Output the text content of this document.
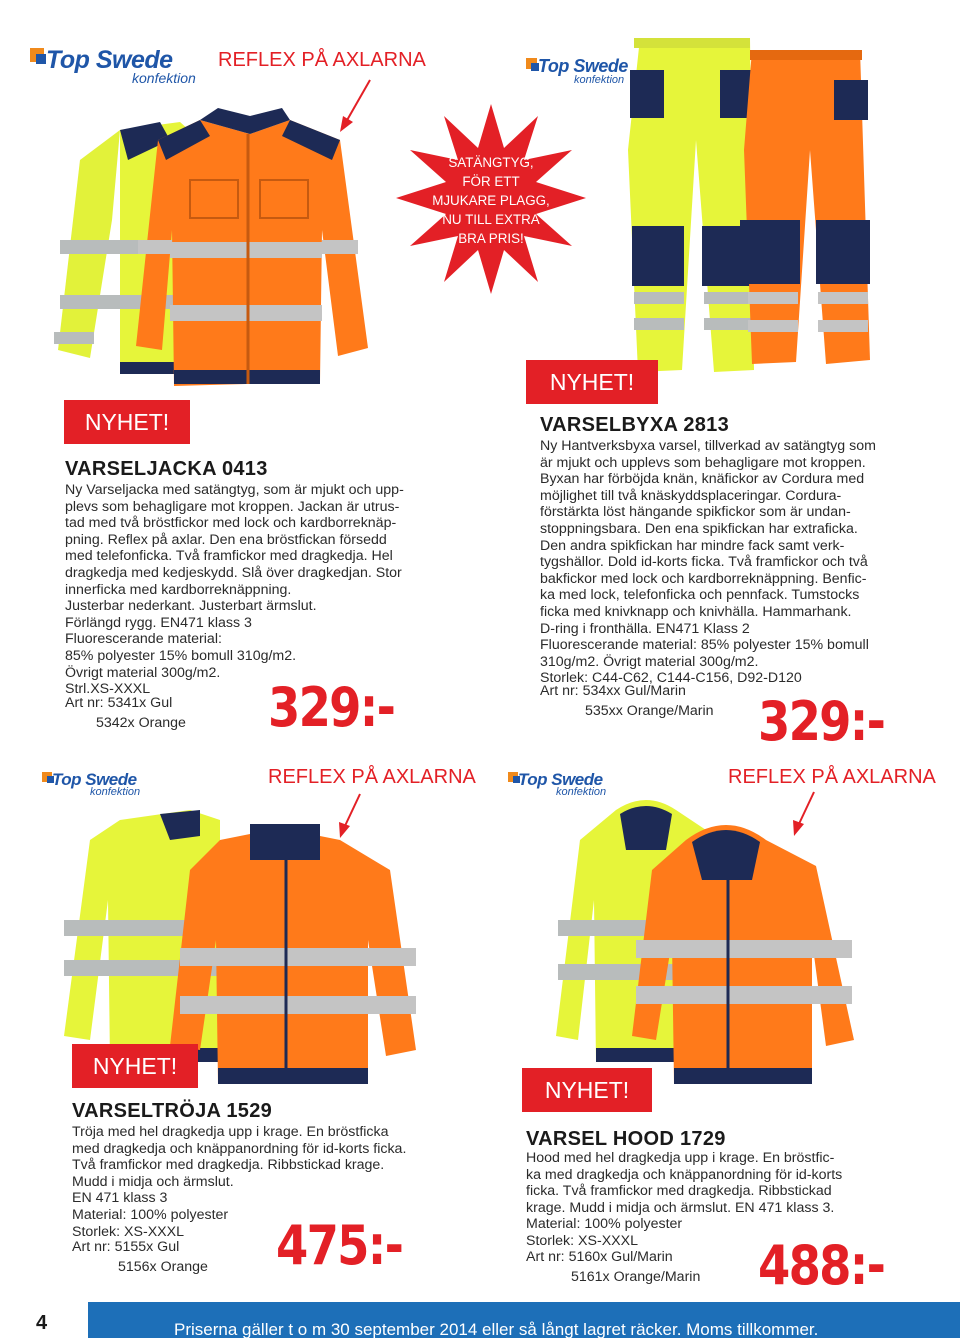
Top Swede
konfektion
REFLEX PÅ AXLARNA
SATÄNGTYG,
FÖR ETT
MJUKARE PLAGG,
NU TILL EXTRA
BRA PRIS!
NYHET!
VARSELJACKA 0413
Ny Varseljacka med satängtyg, som är mjukt och upp-
plevs som behagligare mot kroppen. Jackan är utrus-
tad med två bröstfickor med lock och kardborreknäp-
pning. Reflex på axlar. Den ena bröstfickan försedd
med telefonficka. Två framfickor med dragkedja. Hel
dragkedja med kedjeskydd. Slå över dragkedjan. Stor
innerficka med kardborreknäppning.
Justerbar nederkant. Justerbart ärmslut.
Förlängd rygg. EN471 klass 3
Fluorescerande material:
85% polyester 15% bomull 310g/m2.
Övrigt material 300g/m2.
Strl.XS-XXXL
Art nr: 5341x Gul
5342x Orange 329:-
Top Swede
konfektion
NYHET!
VARSELBYXA 2813
Ny Hantverksbyxa varsel, tillverkad av satängtyg som
är mjukt och upplevs som behagligare mot kroppen.
Byxan har förböjda knän, knäfickor av Cordura med
möjlighet till två knäskyddsplaceringar. Cordura-
förstärkta löst hängande spikfickor som är undan-
stoppningsbara. Den ena spikfickan har extraficka.
Den andra spikfickan har mindre fack samt verk-
tygshällor. Dold id-korts ficka. Två framfickor och två
bakfickor med lock och kardborreknäppning. Benfic-
ka med lock, telefonficka och pennfack. Tumstocks
ficka med knivknapp och knivhälla. Hammarhank.
D-ring i fronthälla. EN471 Klass 2
Fluorescerande material: 85% polyester 15% bomull
310g/m2. Övrigt material 300g/m2.
Storlek: C44-C62, C144-C156, D92-D120
Art nr: 534xx Gul/Marin
535xx Orange/Marin 329:-
Top Swede
konfektion
REFLEX PÅ AXLARNA
NYHET!
VARSELTRÖJA 1529
Tröja med hel dragkedja upp i krage. En bröstficka
med dragkedja och knäppanordning för id-korts ficka.
Två framfickor med dragkedja. Ribbstickad krage.
Mudd i midja och ärmslut.
EN 471 klass 3
Material: 100% polyester
Storlek: XS-XXXL
Art nr: 5155x Gul
5156x Orange 475:-
Top Swede
konfektion
REFLEX PÅ AXLARNA
NYHET!
VARSEL HOOD 1729
Hood med hel dragkedja upp i krage. En bröstfic-
ka med dragkedja och knäppanordning för id-korts
ficka. Två framfickor med dragkedja. Ribbstickad
krage. Mudd i midja och ärmslut. EN 471 klass 3.
Material: 100% polyester
Storlek: XS-XXXL
Art nr: 5160x Gul/Marin
5161x Orange/Marin 488:-
4	Priserna gäller t o m 30 september 2014 eller så långt lagret räcker. Moms tillkommer.
